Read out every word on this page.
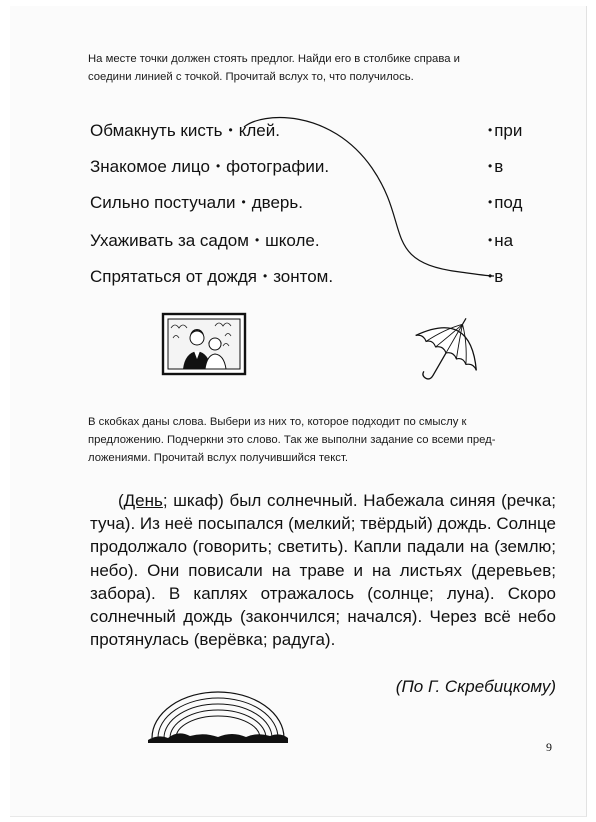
На месте точки должен стоять предлог. Найди его в столбике справа и
соедини линией с точкой. Прочитай вслух то, что получилось.
Обмакнуть кисть • клей.
Знакомое лицо • фотографии.
Сильно постучали • дверь.
Ухаживать за садом • школе.
Спрятаться от дождя • зонтом.
• при
• в
• под
• на
• в
В скобках даны слова. Выбери из них то, которое подходит по смыслу к
предложению. Подчеркни это слово. Так же выполни задание со всеми пред-
ложениями. Прочитай вслух получившийся текст.
(День; шкаф) был солнечный. Набежала синяя (речка; туча). Из неё посыпался (мелкий; твёрдый) дождь. Солнце продолжало (говорить; светить). Капли падали на (землю; небо). Они повисали на траве и на листьях (деревьев; забора). В каплях отражалось (солнце; луна). Скоро солнечный дождь (закончился; начался). Через всё небо протянулась (верёвка; радуга).
(По Г. Скребицкому)
9
